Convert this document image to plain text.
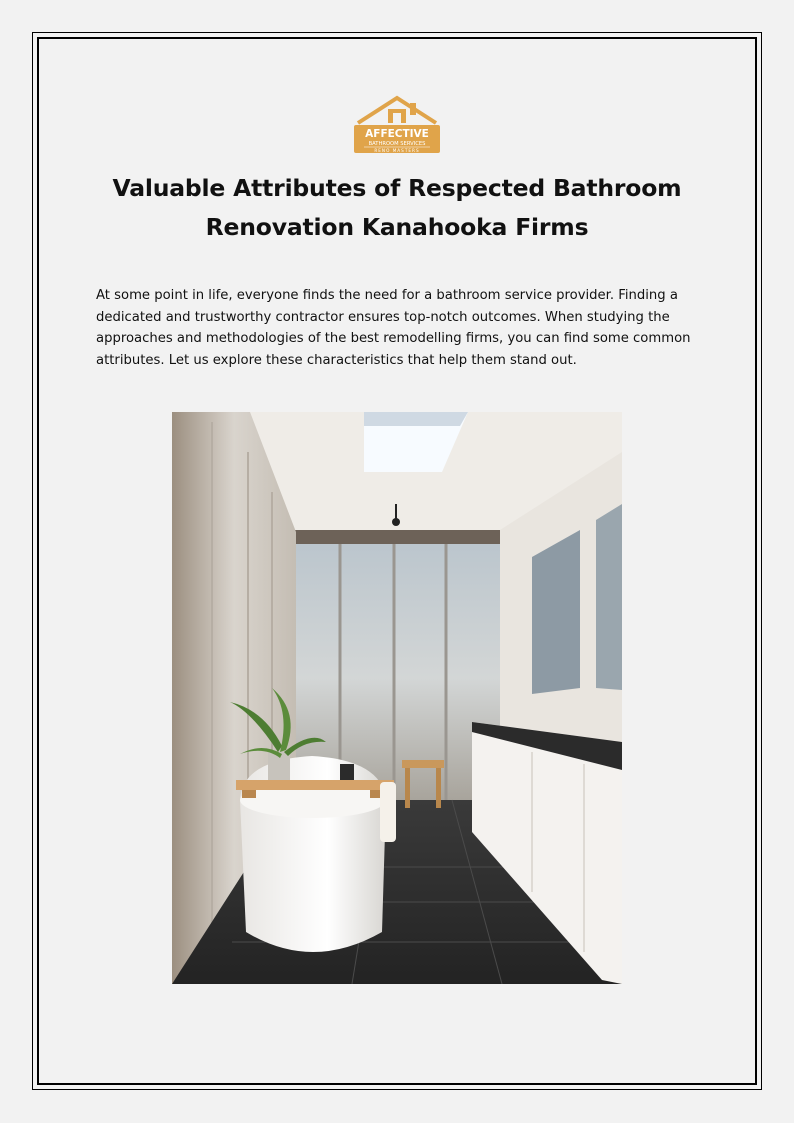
AFFECTIVE
BATHROOM SERVICES
RENO MASTERS
Valuable Attributes of Respected Bathroom Renovation Kanahooka Firms
At some point in life, everyone finds the need for a bathroom service provider. Finding a dedicated and trustworthy contractor ensures top-notch outcomes. When studying the approaches and methodologies of the best remodelling firms, you can find some common attributes. Let us explore these characteristics that help them stand out.
